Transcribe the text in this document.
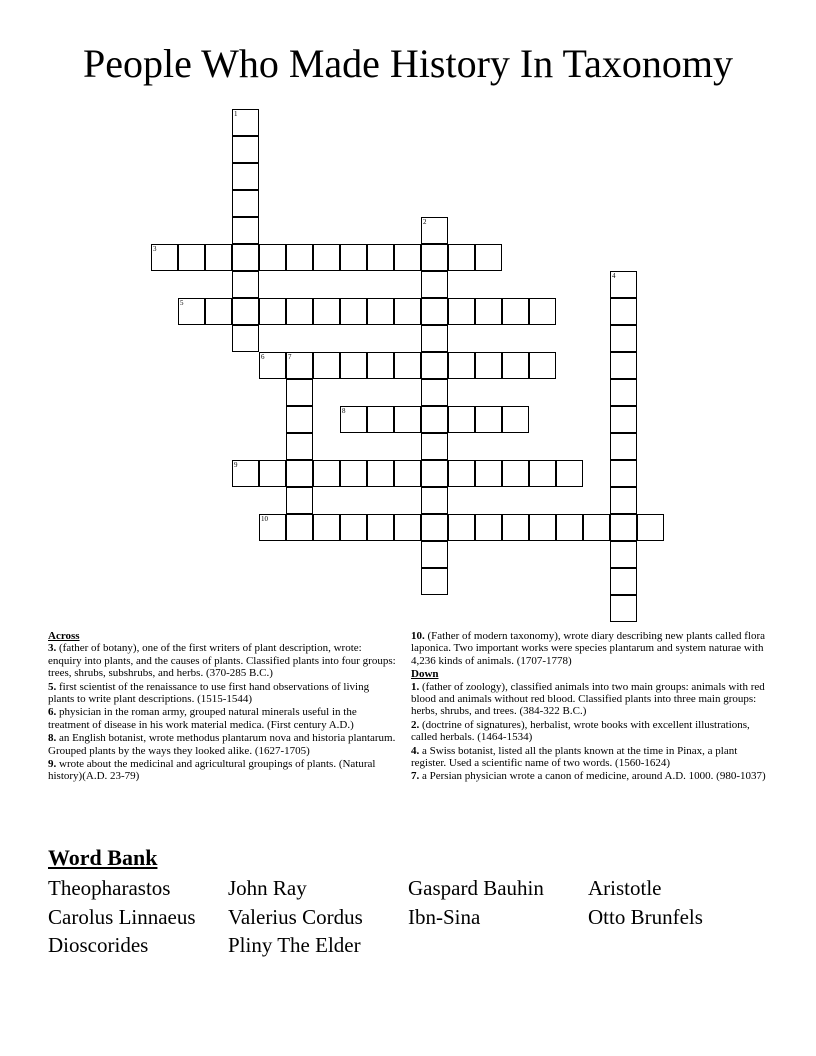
People Who Made History In Taxonomy
1
2
3
4
5
6	7
8
9
10
Across
3. (father of botany), one of the first writers of plant description, wrote: enquiry into plants, and the causes of plants. Classified plants into four groups: trees, shrubs, subshrubs, and herbs. (370-285 B.C.)
5. first scientist of the renaissance to use first hand observations of living plants to write plant descriptions. (1515-1544)
6. physician in the roman army, grouped natural minerals useful in the treatment of disease in his work material medica. (First century A.D.)
8. an English botanist, wrote methodus plantarum nova and historia plantarum. Grouped plants by the ways they looked alike. (1627-1705)
9. wrote about the medicinal and agricultural groupings of plants. (Natural history)(A.D. 23-79)
10. (Father of modern taxonomy), wrote diary describing new plants called flora laponica. Two important works were species plantarum and system naturae with 4,236 kinds of animals. (1707-1778)
Down
1. (father of zoology), classified animals into two main groups: animals with red blood and animals without red blood. Classified plants into three main groups: herbs, shrubs, and trees. (384-322 B.C.)
2. (doctrine of signatures), herbalist, wrote books with excellent illustrations, called herbals. (1464-1534)
4. a Swiss botanist, listed all the plants known at the time in Pinax, a plant register. Used a scientific name of two words. (1560-1624)
7. a Persian physician wrote a canon of medicine, around A.D. 1000. (980-1037)
Word Bank
Theopharastos	John Ray	Gaspard Bauhin	Aristotle
Carolus Linnaeus	Valerius Cordus	Ibn-Sina	Otto Brunfels
Dioscorides	Pliny The Elder
